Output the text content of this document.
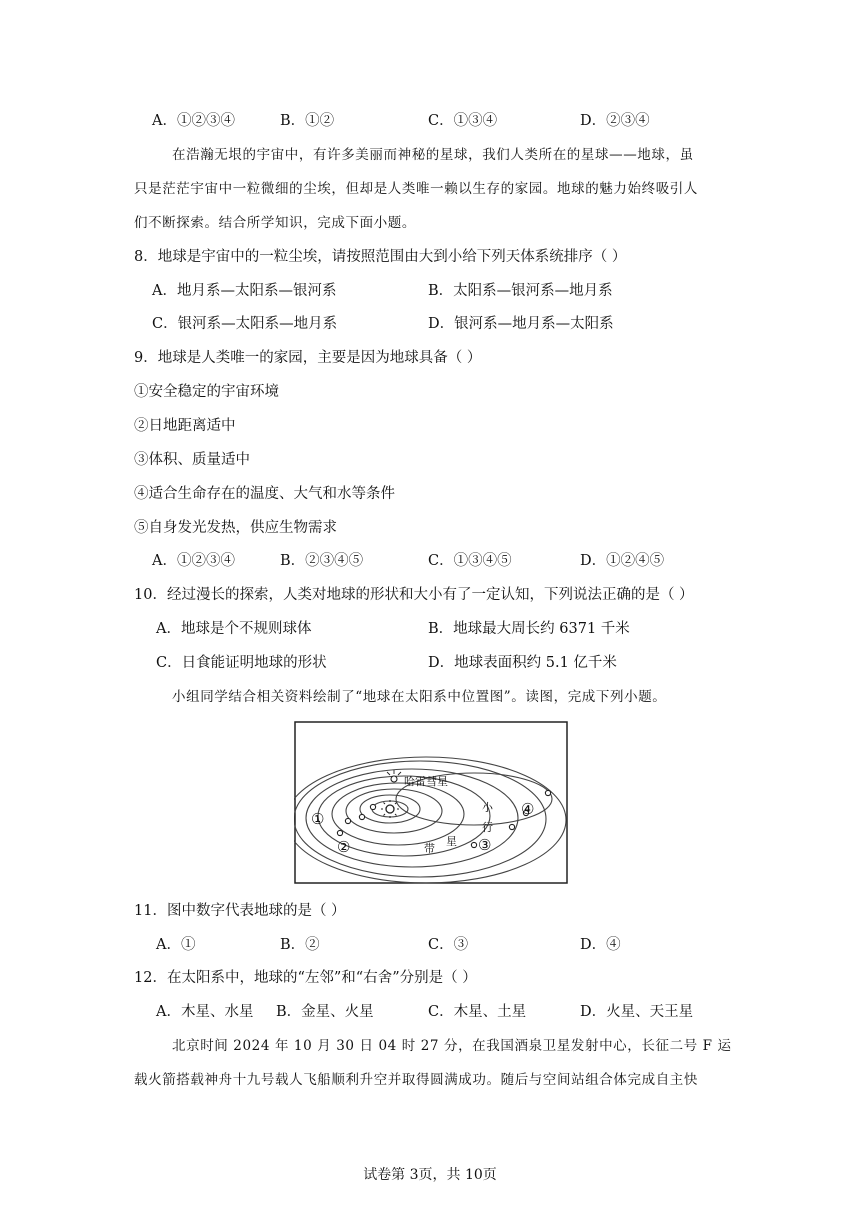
A．①②③④	B．①②	C．①③④	D．②③④
在浩瀚无垠的宇宙中，有许多美丽而神秘的星球，我们人类所在的星球——地球，虽
只是茫茫宇宙中一粒微细的尘埃，但却是人类唯一赖以生存的家园。地球的魅力始终吸引人
们不断探索。结合所学知识，完成下面小题。
8．地球是宇宙中的一粒尘埃，请按照范围由大到小给下列天体系统排序（ ）
A．地月系—太阳系—银河系	B．太阳系—银河系—地月系
C．银河系—太阳系—地月系	D．银河系—地月系—太阳系
9．地球是人类唯一的家园，主要是因为地球具备（ ）
①安全稳定的宇宙环境
②日地距离适中
③体积、质量适中
④适合生命存在的温度、大气和水等条件
⑤自身发光发热，供应生物需求
A．①②③④	B．②③④⑤	C．①③④⑤	D．①②④⑤
10．经过漫长的探索，人类对地球的形状和大小有了一定认知，下列说法正确的是（ ）
A．地球是个不规则球体	B．地球最大周长约 6371 千米
C．日食能证明地球的形状	D．地球表面积约 5.1 亿千米
小组同学结合相关资料绘制了“地球在太阳系中位置图”。读图，完成下列小题。
哈雷彗星
小
行
星
带
①
②	③
④
11．图中数字代表地球的是（ ）
A．①	B．②	C．③	D．④
12．在太阳系中，地球的“左邻”和“右舍”分别是（ ）
A．木星、水星 B．金星、火星	C．木星、土星	D．火星、天王星
北京时间 2024 年 10 月 30 日 04 时 27 分，在我国酒泉卫星发射中心，长征二号 F 运
载火箭搭载神舟十九号载人飞船顺利升空并取得圆满成功。随后与空间站组合体完成自主快
试卷第 3页，共 10页
